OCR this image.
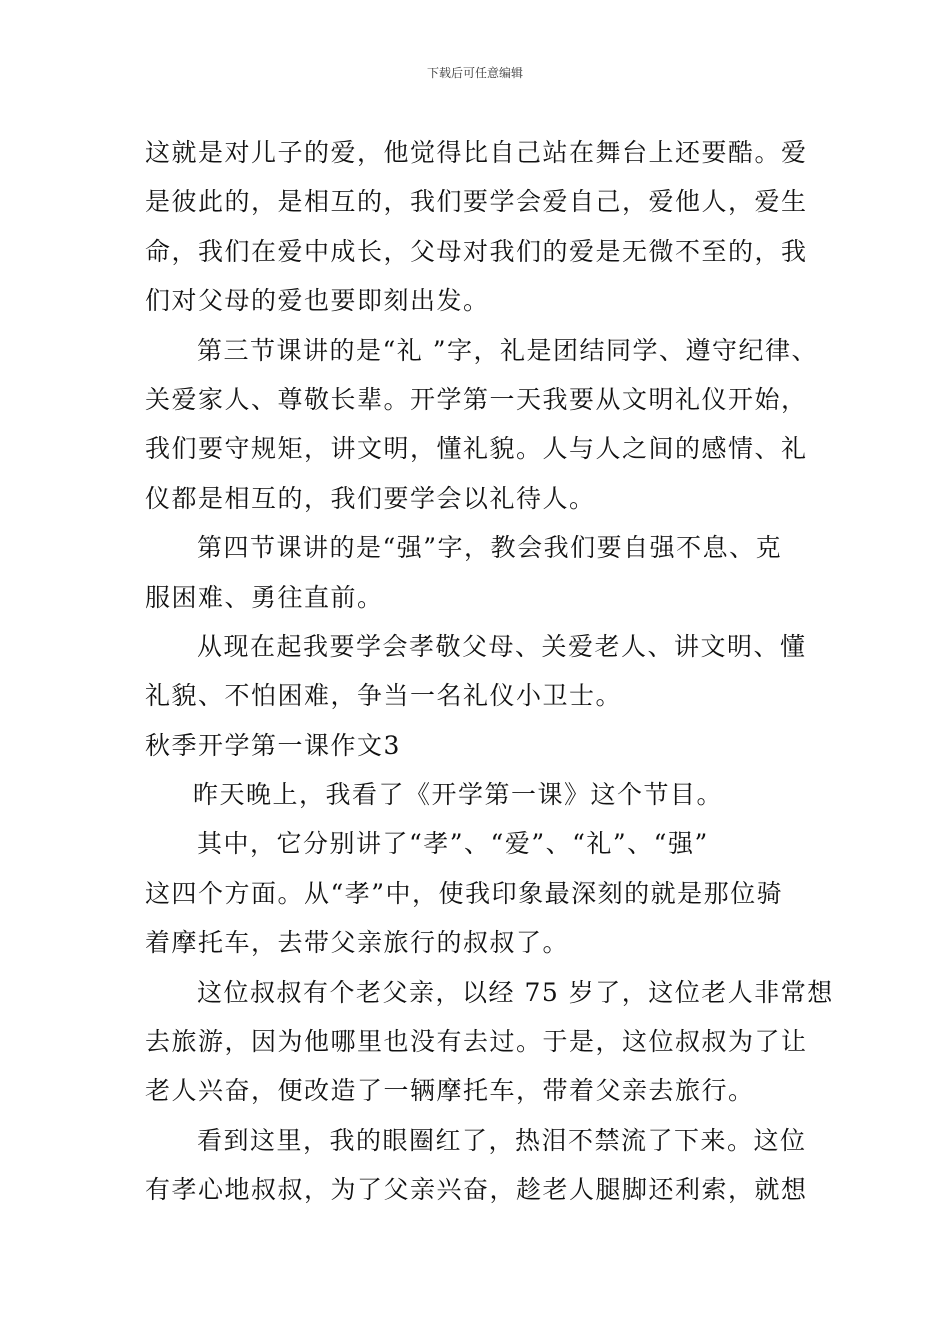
下载后可任意编辑
这就是对儿子的爱，他觉得比自己站在舞台上还要酷。爱
是彼此的，是相互的，我们要学会爱自己，爱他人，爱生
命，我们在爱中成长，父母对我们的爱是无微不至的，我
们对父母的爱也要即刻出发。
第三节课讲的是“礼 ”字，礼是团结同学、遵守纪律、
关爱家人、尊敬长辈。开学第一天我要从文明礼仪开始，
我们要守规矩，讲文明，懂礼貌。人与人之间的感情、礼
仪都是相互的，我们要学会以礼待人。
第四节课讲的是“强”字，教会我们要自强不息、克
服困难、勇往直前。
从现在起我要学会孝敬父母、关爱老人、讲文明、懂
礼貌、不怕困难，争当一名礼仪小卫士。
秋季开学第一课作文3
昨天晚上，我看了《开学第一课》这个节目。
其中，它分别讲了“孝”、“爱”、“礼”、“强”
这四个方面。从“孝”中，使我印象最深刻的就是那位骑
着摩托车，去带父亲旅行的叔叔了。
这位叔叔有个老父亲，以经 75 岁了，这位老人非常想
去旅游，因为他哪里也没有去过。于是，这位叔叔为了让
老人兴奋，便改造了一辆摩托车，带着父亲去旅行。
看到这里，我的眼圈红了，热泪不禁流了下来。这位
有孝心地叔叔，为了父亲兴奋，趁老人腿脚还利索，就想
